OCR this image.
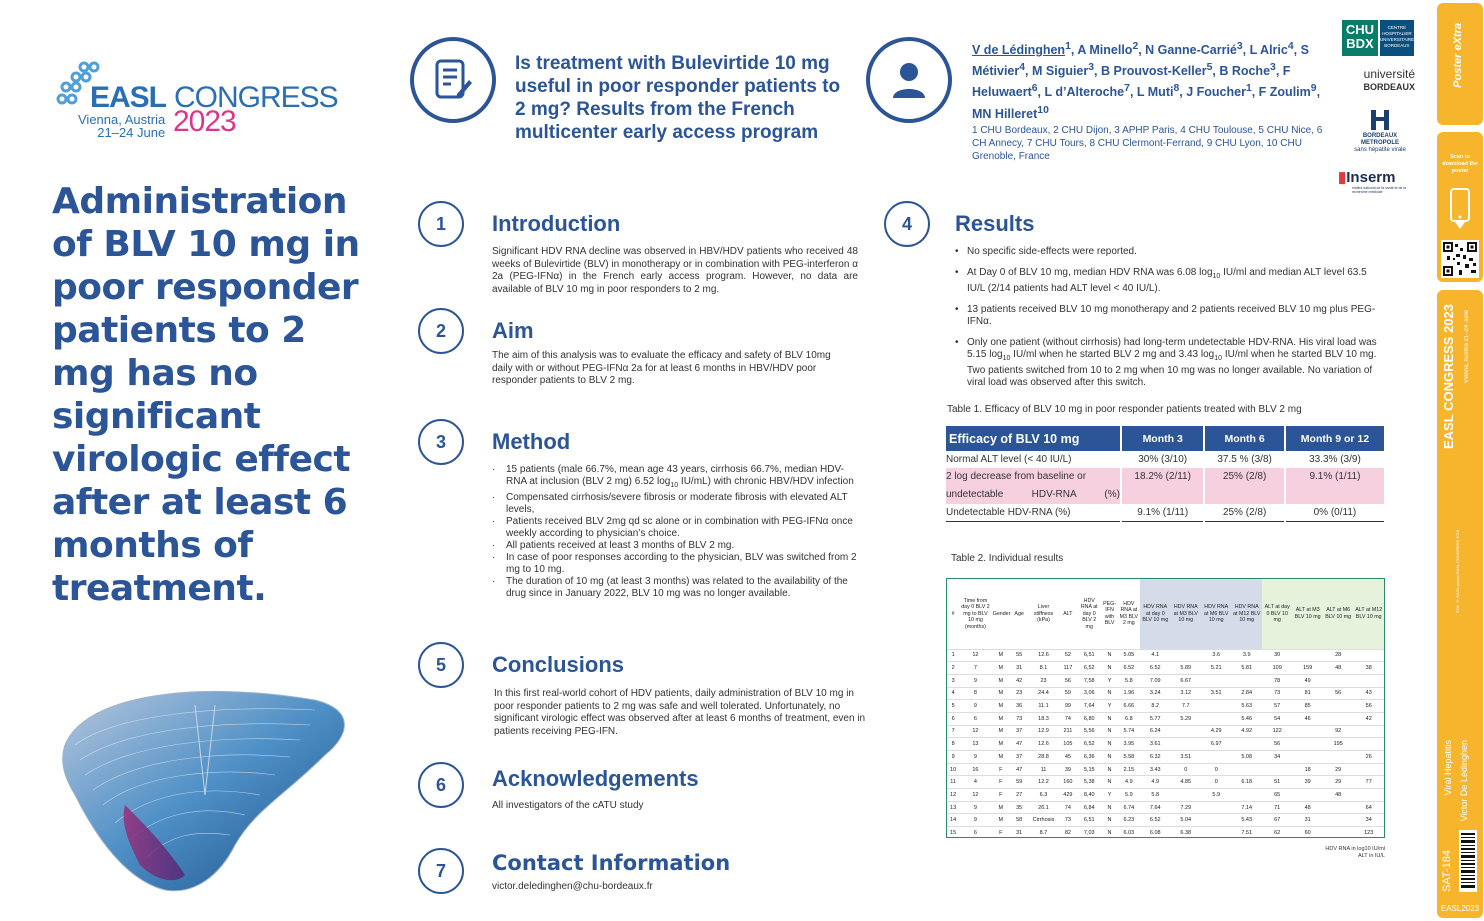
EASL CONGRESS
Vienna, Austria
21–24 June 2023
Administration of BLV 10 mg in poor responder patients to 2 mg has no significant virologic effect after at least 6 months of treatment.
Is treatment with Bulevirtide 10 mg useful in poor responder patients to 2 mg? Results from the French multicenter early access program
V de Lédinghen$^1$, A Minello$^2$, N Ganne-Carrié$^3$, L Alric$^4$, S Métivier$^4$, M Siguier$^3$, B Prouvost-Keller$^5$, B Roche$^3$, F Heluwaert$^6$, L d’Alteroche$^7$, L Muti$^8$, J Foucher$^1$, F Zoulim$^9$, MN Hilleret$^{10}$
1 CHU Bordeaux, 2 CHU Dijon, 3 APHP Paris, 4 CHU Toulouse, 5 CHU Nice, 6 CH Annecy, 7 CHU Tours, 8 CHU Clermont-Ferrand, 9 CHU Lyon, 10 CHU Grenoble, France
CHU BDX
CENTRE HOSPITALIER UNIVERSITAIRE BORDEAUX
université
BORDEAUX
BORDEAUX METROPOLE
sans hépatite virale
▮Inserm
Institut national de la santé et de la recherche médicale
1	Introduction
Significant HDV RNA decline was observed in HBV/HDV patients who received 48 weeks of Bulevirtide (BLV) in monotherapy or in combination with PEG-interferon α 2a (PEG-IFNα) in the French early access program. However, no data are available of BLV 10 mg in poor responders to 2 mg.
2	Aim
The aim of this analysis was to evaluate the efficacy and safety of BLV 10mg daily with or without PEG-IFNα 2a for at least 6 months in HBV/HDV poor responder patients to BLV 2 mg.
3	Method
· 15 patients (male 66.7%, mean age 43 years, cirrhosis 66.7%, median HDV-RNA at inclusion (BLV 2 mg) 6.52 $\log_{10} IU/mL$) with chronic HBV/HDV infection
· Compensated cirrhosis/severe fibrosis or moderate fibrosis with elevated ALT levels,
· Patients received BLV 2mg qd sc alone or in combination with PEG-IFNα once weekly according to physician’s choice.
· All patients received at least 3 months of BLV 2 mg.
· In case of poor responses according to the physician, BLV was switched from 2 mg to 10 mg.
· The duration of 10 mg (at least 3 months) was related to the availability of the drug since in January 2022, BLV 10 mg was no longer available.
4	Results
• No specific side-effects were reported.
• At Day 0 of BLV 10 mg, median HDV RNA was 6.08 $\log_{10} IU/ml$ and median ALT level 63.5 IU/L (2/14 patients had ALT level < 40 IU/L).
• 13 patients received BLV 10 mg monotherapy and 2 patients received BLV 10 mg plus PEG-IFNα.
• Only one patient (without cirrhosis) had long-term undetectable HDV-RNA. His viral load was 5.15 $\log_{10} IU/ml$ when he started BLV 2 mg and 3.43 $\log_{10} IU/ml$ when he started BLV 10 mg. Two patients switched from 10 to 2 mg when 10 mg was no longer available. No variation of viral load was observed after this switch.
5	Conclusions
In this first real-world cohort of HDV patients, daily administration of BLV 10 mg in poor responder patients to 2 mg was safe and well tolerated. Unfortunately, no significant virologic effect was observed after at least 6 months of treatment, even in patients receiving PEG-IFN.
6	Acknowledgements
All investigators of the cATU study
7	Contact Information
victor.deledinghen@chu-bordeaux.fr
Table 1. Efficacy of BLV 10 mg in poor responder patients treated with BLV 2 mg
Efficacy of BLV 10 mg	Month 3	Month 6	Month 9 or 12
Normal ALT level (< 40 IU/L)	30% (3/10)	37.5 % (3/8)	33.3% (3/9)
2 log decrease from baseline or undetectable HDV-RNA (%)	18.2% (2/11)	25% (2/8)	9.1% (1/11)
Undetectable HDV-RNA (%)	9.1% (1/11)	25% (2/8)	0% (0/11)
Table 2. Individual results
#	Time from day 0 BLV 2 mg to BLV 10 mg (months)	Gender	Age	Liver stiffness (kPa)	ALT	HDV RNA at day 0 BLV 2 mg	PEG-IFN with BLV	HDV RNA at M3 BLV 2 mg	HDV RNA at day 0 BLV 10 mg	HDV RNA at M3 BLV 10 mg	HDV RNA at M6 BLV 10 mg	HDV RNA at M12 BLV 10 mg	ALT at day 0 BLV 10 mg	ALT at M3 BLV 10 mg	ALT at M6 BLV 10 mg	ALT at M12 BLV 10 mg
1	12	M	55	12.6	52	6,51	N	5.05	4.1		3.6	3.9	30		28	
2	7	M	31	8.1	117	6,52	N	6.52	6.52	5.89	5.21	5.81	109	159	48	38
3	9	M	42	23	56	7,58	Y	5.8	7.09	6.67			78	49		
4	8	M	23	24.4	59	3,06	N	1.96	3.24	3.12	3.51	2.84	73	81	56	43
5	9	M	36	11.1	99	7,64	Y	6.66	8.2	7.7		5.63	57	85		56
6	6	M	73	18.3	74	6,80	N	6.8	5.77	5.29		5.46	54	46		42
7	12	M	37	12.9	211	5,56	N	5.74	6.24		4.29	4.92	122		92	
8	13	M	47	12.6	105	6,52	N	3.95	3.61		6.97		56		195	
9	9	M	37	28.8	45	6,36	N	5.58	6.32	3.51		5.08	34			26
10	16	F	47	11	39	5,15	N	2.15	3.43	0	0			18	29	
11	4	F	59	12.2	160	5,38	N	4.9	4.9	4.85	0	6.18	51	39	29	77
12	12	F	27	6.3	429	8,40	Y	5.9	5.8		5.9		65		48	
13	9	M	35	26.1	74	6,84	N	6.74	7.64	7.29		7.14	71	48		64
14	9	M	58	Cirrhosis	73	6,51	N	6.23	6.52	5.04		5.43	67	31		34
15	6	F	31	8.7	82	7,03	N	6.03	6.08	6.38		7.51	62	60		123
HDV RNA in log10 IU/ml
ALT in IU/L
Poster eXtra
Scan to download the poster
EASL CONGRESS 2023 Vienna, Austria 21–24 June
DOI: © EASL poster EASL CONGRESS 2023
Viral Hepatitis Victor De Lédinghen
SAT-184
EASL2023
